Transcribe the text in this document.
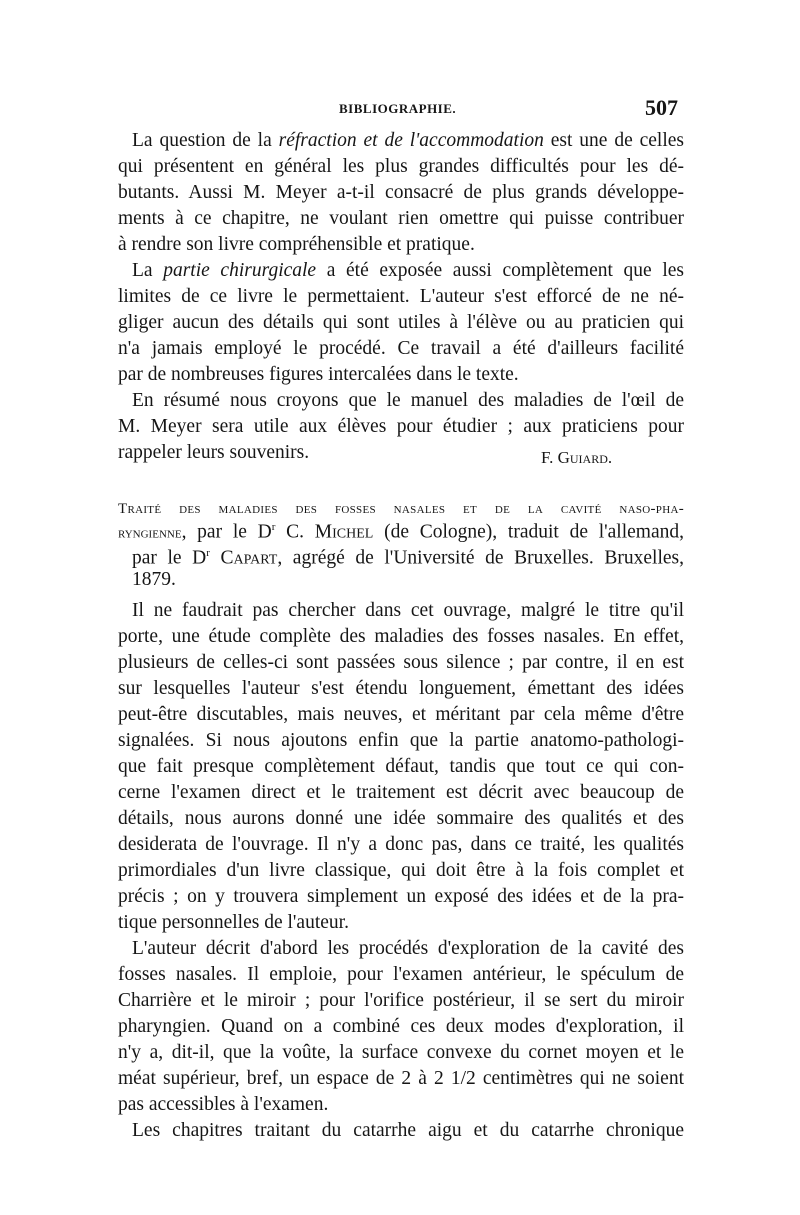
BIBLIOGRAPHIE.	507
La question de la réfraction et de l'accommodation est une de celles
qui présentent en général les plus grandes difficultés pour les dé-
butants. Aussi M. Meyer a-t-il consacré de plus grands développe-
ments à ce chapitre, ne voulant rien omettre qui puisse contribuer
à rendre son livre compréhensible et pratique.
La partie chirurgicale a été exposée aussi complètement que les
limites de ce livre le permettaient. L'auteur s'est efforcé de ne né-
gliger aucun des détails qui sont utiles à l'élève ou au praticien qui
n'a jamais employé le procédé. Ce travail a été d'ailleurs facilité
par de nombreuses figures intercalées dans le texte.
En résumé nous croyons que le manuel des maladies de l'œil de
M. Meyer sera utile aux élèves pour étudier ; aux praticiens pour
rappeler leurs souvenirs.	F. Guiard.
Traité des maladies des fosses nasales et de la cavité naso-pha-
ryngienne, par le $D^r$ C. Michel (de Cologne), traduit de l'allemand,
par le $D^r$ Capart, agrégé de l'Université de Bruxelles. Bruxelles,
1879.
Il ne faudrait pas chercher dans cet ouvrage, malgré le titre qu'il
porte, une étude complète des maladies des fosses nasales. En effet,
plusieurs de celles-ci sont passées sous silence ; par contre, il en est
sur lesquelles l'auteur s'est étendu longuement, émettant des idées
peut-être discutables, mais neuves, et méritant par cela même d'être
signalées. Si nous ajoutons enfin que la partie anatomo-pathologi-
que fait presque complètement défaut, tandis que tout ce qui con-
cerne l'examen direct et le traitement est décrit avec beaucoup de
détails, nous aurons donné une idée sommaire des qualités et des
desiderata de l'ouvrage. Il n'y a donc pas, dans ce traité, les qualités
primordiales d'un livre classique, qui doit être à la fois complet et
précis ; on y trouvera simplement un exposé des idées et de la pra-
tique personnelles de l'auteur.
L'auteur décrit d'abord les procédés d'exploration de la cavité des
fosses nasales. Il emploie, pour l'examen antérieur, le spéculum de
Charrière et le miroir ; pour l'orifice postérieur, il se sert du miroir
pharyngien. Quand on a combiné ces deux modes d'exploration, il
n'y a, dit-il, que la voûte, la surface convexe du cornet moyen et le
méat supérieur, bref, un espace de 2 à 2 1/2 centimètres qui ne soient
pas accessibles à l'examen.
Les chapitres traitant du catarrhe aigu et du catarrhe chronique
